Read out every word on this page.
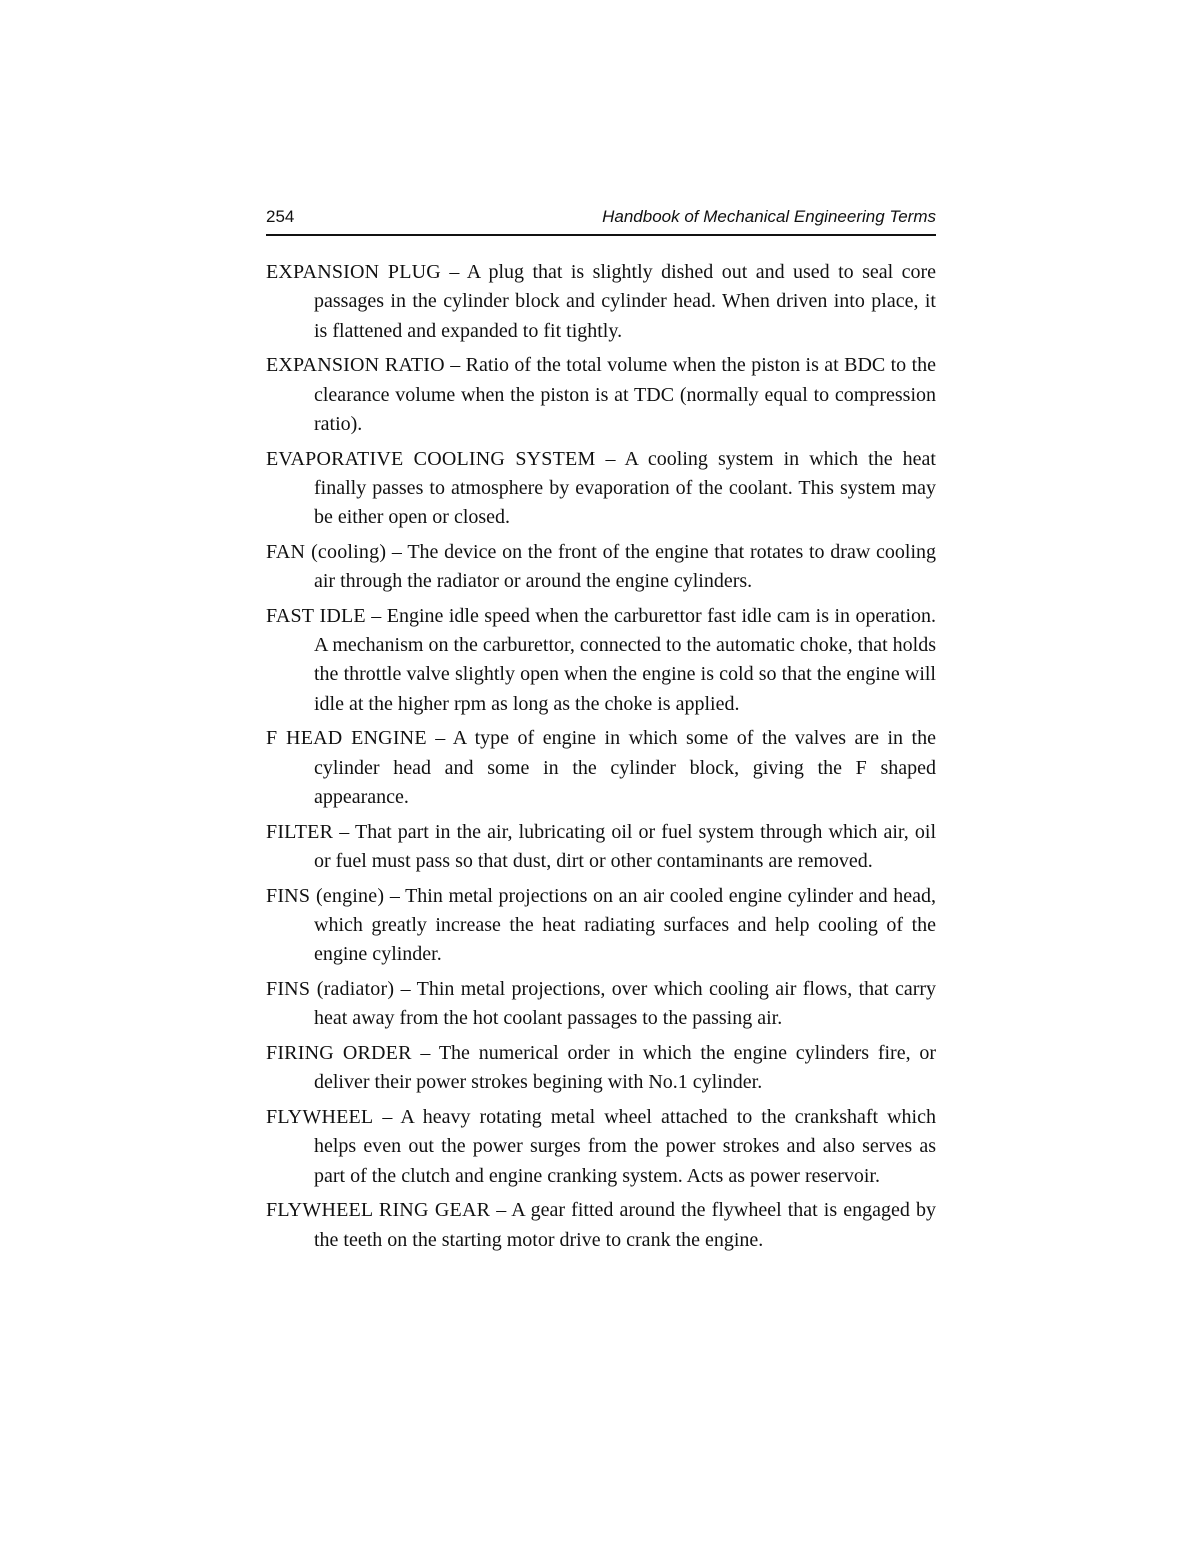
254	Handbook of Mechanical Engineering Terms

EXPANSION PLUG – A plug that is slightly dished out and used to seal core passages in the cylinder block and cylinder head. When driven into place, it is flattened and expanded to fit tightly.

EXPANSION RATIO – Ratio of the total volume when the piston is at BDC to the clearance volume when the piston is at TDC (normally equal to compression ratio).

EVAPORATIVE COOLING SYSTEM – A cooling system in which the heat finally passes to atmosphere by evaporation of the coolant. This system may be either open or closed.

FAN (cooling) – The device on the front of the engine that rotates to draw cooling air through the radiator or around the engine cylinders.

FAST IDLE – Engine idle speed when the carburettor fast idle cam is in operation. A mechanism on the carburettor, connected to the automatic choke, that holds the throttle valve slightly open when the engine is cold so that the engine will idle at the higher rpm as long as the choke is applied.

F HEAD ENGINE – A type of engine in which some of the valves are in the cylinder head and some in the cylinder block, giving the F shaped appearance.

FILTER – That part in the air, lubricating oil or fuel system through which air, oil or fuel must pass so that dust, dirt or other contaminants are removed.

FINS (engine) – Thin metal projections on an air cooled engine cylinder and head, which greatly increase the heat radiating surfaces and help cooling of the engine cylinder.

FINS (radiator) – Thin metal projections, over which cooling air flows, that carry heat away from the hot coolant passages to the passing air.

FIRING ORDER – The numerical order in which the engine cylinders fire, or deliver their power strokes begining with No.1 cylinder.

FLYWHEEL – A heavy rotating metal wheel attached to the crankshaft which helps even out the power surges from the power strokes and also serves as part of the clutch and engine cranking system. Acts as power reservoir.

FLYWHEEL RING GEAR – A gear fitted around the flywheel that is engaged by the teeth on the starting motor drive to crank the engine.
